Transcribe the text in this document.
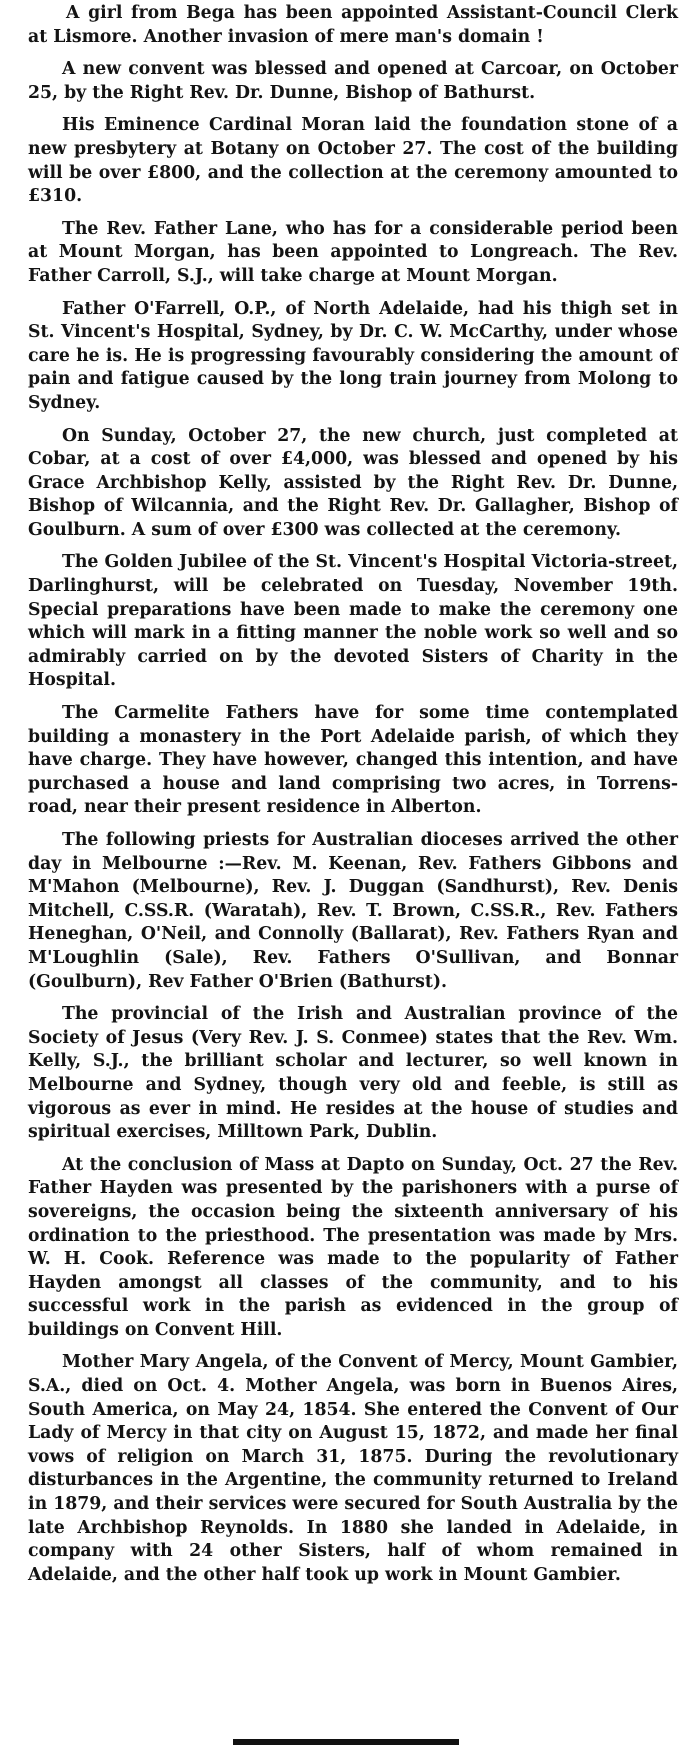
A girl from Bega has been appointed Assistant-Council Clerk at Lismore. Another invasion of mere man's domain !

A new convent was blessed and opened at Carcoar, on October 25, by the Right Rev. Dr. Dunne, Bishop of Bathurst.

His Eminence Cardinal Moran laid the foundation stone of a new presbytery at Botany on October 27. The cost of the building will be over £800, and the collection at the ceremony amounted to £310.

The Rev. Father Lane, who has for a considerable period been at Mount Morgan, has been appointed to Longreach. The Rev. Father Carroll, S.J., will take charge at Mount Morgan.

Father O'Farrell, O.P., of North Adelaide, had his thigh set in St. Vincent's Hospital, Sydney, by Dr. C. W. McCarthy, under whose care he is. He is progressing favourably considering the amount of pain and fatigue caused by the long train journey from Molong to Sydney.

On Sunday, October 27, the new church, just completed at Cobar, at a cost of over £4,000, was blessed and opened by his Grace Archbishop Kelly, assisted by the Right Rev. Dr. Dunne, Bishop of Wilcannia, and the Right Rev. Dr. Gallagher, Bishop of Goulburn. A sum of over £300 was collected at the ceremony.

The Golden Jubilee of the St. Vincent's Hospital Victoria-street, Darlinghurst, will be celebrated on Tuesday, November 19th. Special preparations have been made to make the ceremony one which will mark in a fitting manner the noble work so well and so admirably carried on by the devoted Sisters of Charity in the Hospital.

The Carmelite Fathers have for some time contemplated building a monastery in the Port Adelaide parish, of which they have charge. They have however, changed this intention, and have purchased a house and land comprising two acres, in Torrens-road, near their present residence in Alberton.

The following priests for Australian dioceses arrived the other day in Melbourne :—Rev. M. Keenan, Rev. Fathers Gibbons and M'Mahon (Melbourne), Rev. J. Duggan (Sandhurst), Rev. Denis Mitchell, C.SS.R. (Waratah), Rev. T. Brown, C.SS.R., Rev. Fathers Heneghan, O'Neil, and Connolly (Ballarat), Rev. Fathers Ryan and M'Loughlin (Sale), Rev. Fathers O'Sullivan, and Bonnar (Goulburn), Rev Father O'Brien (Bathurst).

The provincial of the Irish and Australian province of the Society of Jesus (Very Rev. J. S. Conmee) states that the Rev. Wm. Kelly, S.J., the brilliant scholar and lecturer, so well known in Melbourne and Sydney, though very old and feeble, is still as vigorous as ever in mind. He resides at the house of studies and spiritual exercises, Milltown Park, Dublin.

At the conclusion of Mass at Dapto on Sunday, Oct. 27 the Rev. Father Hayden was presented by the parishoners with a purse of sovereigns, the occasion being the sixteenth anniversary of his ordination to the priesthood. The presentation was made by Mrs. W. H. Cook. Reference was made to the popularity of Father Hayden amongst all classes of the community, and to his successful work in the parish as evidenced in the group of buildings on Convent Hill.

Mother Mary Angela, of the Convent of Mercy, Mount Gambier, S.A., died on Oct. 4. Mother Angela, was born in Buenos Aires, South America, on May 24, 1854. She entered the Convent of Our Lady of Mercy in that city on August 15, 1872, and made her final vows of religion on March 31, 1875. During the revolutionary disturbances in the Argentine, the community returned to Ireland in 1879, and their services were secured for South Australia by the late Archbishop Reynolds. In 1880 she landed in Adelaide, in company with 24 other Sisters, half of whom remained in Adelaide, and the other half took up work in Mount Gambier.
